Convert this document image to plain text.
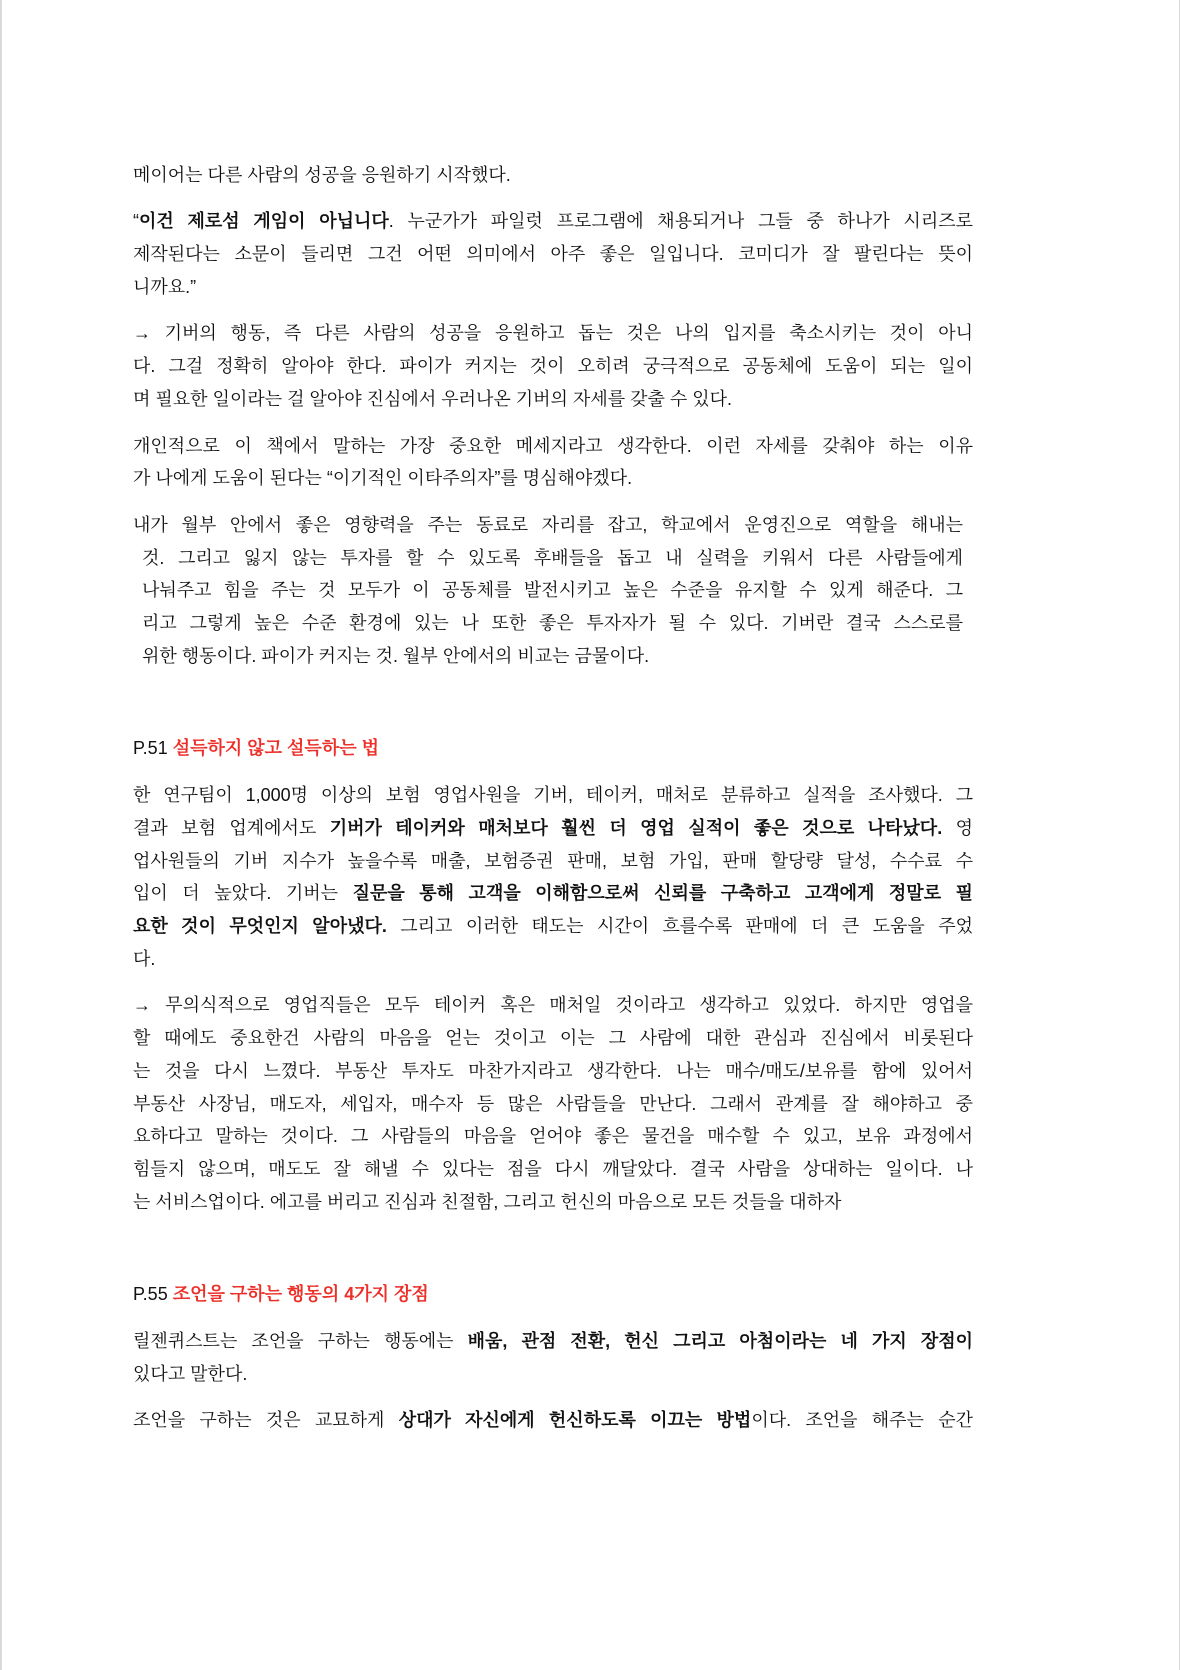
메이어는 다른 사람의 성공을 응원하기 시작했다.
“이건 제로섬 게임이 아닙니다. 누군가가 파일럿 프로그램에 채용되거나 그들 중 하나가 시리즈로
제작된다는 소문이 들리면 그건 어떤 의미에서 아주 좋은 일입니다. 코미디가 잘 팔린다는 뜻이
니까요.”
→ 기버의 행동, 즉 다른 사람의 성공을 응원하고 돕는 것은 나의 입지를 축소시키는 것이 아니
다. 그걸 정확히 알아야 한다. 파이가 커지는 것이 오히려 궁극적으로 공동체에 도움이 되는 일이
며 필요한 일이라는 걸 알아야 진심에서 우러나온 기버의 자세를 갖출 수 있다.
개인적으로 이 책에서 말하는 가장 중요한 메세지라고 생각한다. 이런 자세를 갖춰야 하는 이유
가 나에게 도움이 된다는 “이기적인 이타주의자”를 명심해야겠다.
내가 월부 안에서 좋은 영향력을 주는 동료로 자리를 잡고, 학교에서 운영진으로 역할을 해내는
것. 그리고 잃지 않는 투자를 할 수 있도록 후배들을 돕고 내 실력을 키워서 다른 사람들에게
나눠주고 힘을 주는 것 모두가 이 공동체를 발전시키고 높은 수준을 유지할 수 있게 해준다. 그
리고 그렇게 높은 수준 환경에 있는 나 또한 좋은 투자자가 될 수 있다. 기버란 결국 스스로를
위한 행동이다. 파이가 커지는 것. 월부 안에서의 비교는 금물이다.
P.51 설득하지 않고 설득하는 법
한 연구팀이 1,000명 이상의 보험 영업사원을 기버, 테이커, 매처로 분류하고 실적을 조사했다. 그
결과 보험 업계에서도 기버가 테이커와 매처보다 훨씬 더 영업 실적이 좋은 것으로 나타났다. 영
업사원들의 기버 지수가 높을수록 매출, 보험증권 판매, 보험 가입, 판매 할당량 달성, 수수료 수
입이 더 높았다. 기버는 질문을 통해 고객을 이해함으로써 신뢰를 구축하고 고객에게 정말로 필
요한 것이 무엇인지 알아냈다. 그리고 이러한 태도는 시간이 흐를수록 판매에 더 큰 도움을 주었
다.
→ 무의식적으로 영업직들은 모두 테이커 혹은 매처일 것이라고 생각하고 있었다. 하지만 영업을
할 때에도 중요한건 사람의 마음을 얻는 것이고 이는 그 사람에 대한 관심과 진심에서 비롯된다
는 것을 다시 느꼈다. 부동산 투자도 마찬가지라고 생각한다. 나는 매수/매도/보유를 함에 있어서
부동산 사장님, 매도자, 세입자, 매수자 등 많은 사람들을 만난다. 그래서 관계를 잘 해야하고 중
요하다고 말하는 것이다. 그 사람들의 마음을 얻어야 좋은 물건을 매수할 수 있고, 보유 과정에서
힘들지 않으며, 매도도 잘 해낼 수 있다는 점을 다시 깨달았다. 결국 사람을 상대하는 일이다. 나
는 서비스업이다. 에고를 버리고 진심과 친절함, 그리고 헌신의 마음으로 모든 것들을 대하자
P.55 조언을 구하는 행동의 4가지 장점
릴젠퀴스트는 조언을 구하는 행동에는 배움, 관점 전환, 헌신 그리고 아첨이라는 네 가지 장점이
있다고 말한다.
조언을 구하는 것은 교묘하게 상대가 자신에게 헌신하도록 이끄는 방법이다. 조언을 해주는 순간
